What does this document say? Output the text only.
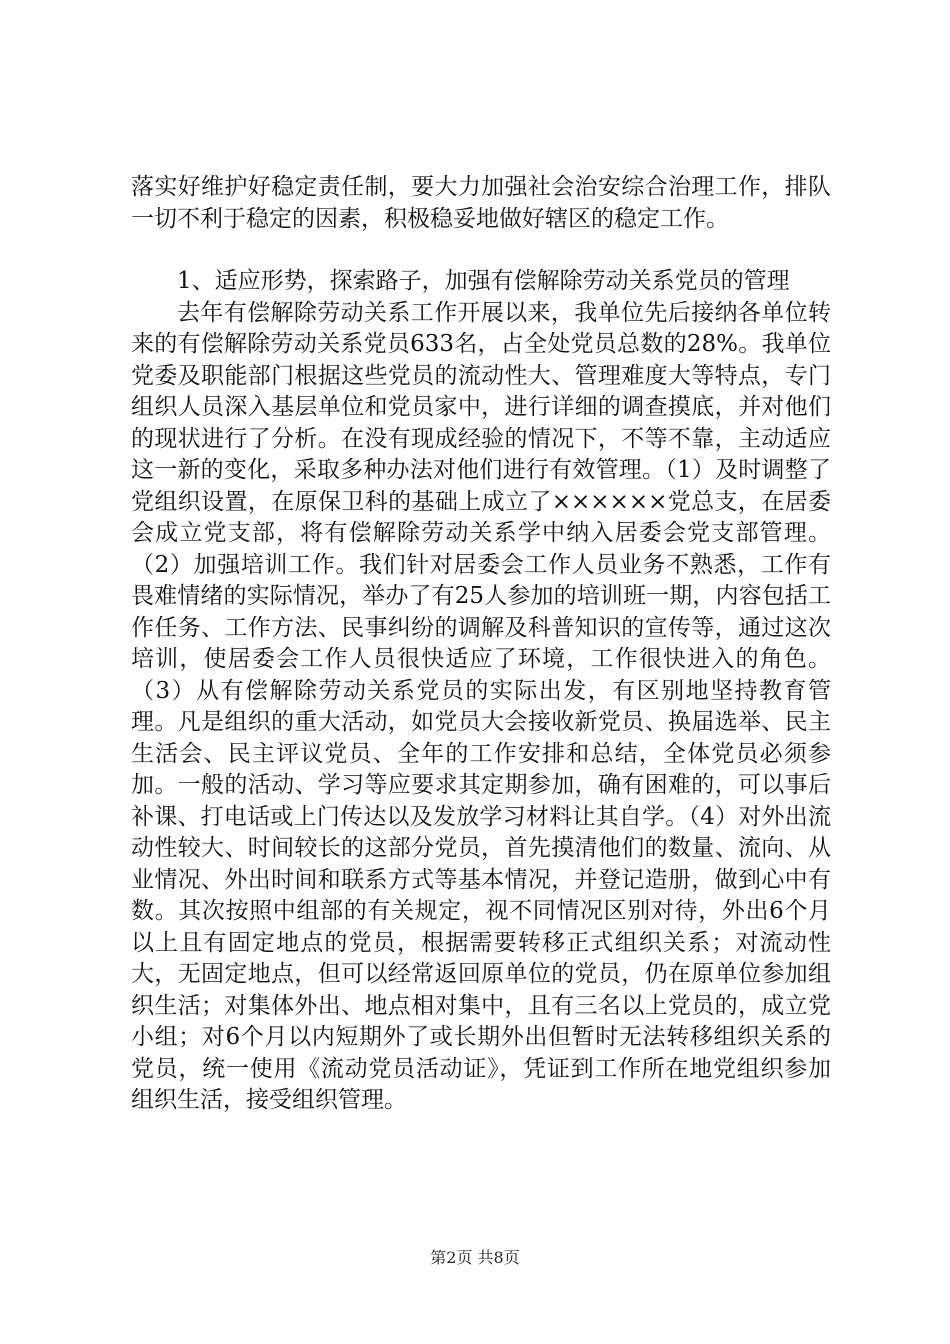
落实好维护好稳定责任制，要大力加强社会治安综合治理工作，排队一切不利于稳定的因素，积极稳妥地做好辖区的稳定工作。

1、适应形势，探索路子，加强有偿解除劳动关系党员的管理

去年有偿解除劳动关系工作开展以来，我单位先后接纳各单位转来的有偿解除劳动关系党员633名，占全处党员总数的28%。我单位党委及职能部门根据这些党员的流动性大、管理难度大等特点，专门组织人员深入基层单位和党员家中，进行详细的调查摸底，并对他们的现状进行了分析。在没有现成经验的情况下，不等不靠，主动适应这一新的变化，采取多种办法对他们进行有效管理。（1）及时调整了党组织设置，在原保卫科的基础上成立了××××××党总支，在居委会成立党支部，将有偿解除劳动关系学中纳入居委会党支部管理。（2）加强培训工作。我们针对居委会工作人员业务不熟悉，工作有畏难情绪的实际情况，举办了有25人参加的培训班一期，内容包括工作任务、工作方法、民事纠纷的调解及科普知识的宣传等，通过这次培训，使居委会工作人员很快适应了环境，工作很快进入的角色。（3）从有偿解除劳动关系党员的实际出发，有区别地坚持教育管理。凡是组织的重大活动，如党员大会接收新党员、换届选举、民主生活会、民主评议党员、全年的工作安排和总结，全体党员必须参加。一般的活动、学习等应要求其定期参加，确有困难的，可以事后补课、打电话或上门传达以及发放学习材料让其自学。（4）对外出流动性较大、时间较长的这部分党员，首先摸清他们的数量、流向、从业情况、外出时间和联系方式等基本情况，并登记造册，做到心中有数。其次按照中组部的有关规定，视不同情况区别对待，外出6个月以上且有固定地点的党员，根据需要转移正式组织关系；对流动性大，无固定地点，但可以经常返回原单位的党员，仍在原单位参加组织生活；对集体外出、地点相对集中，且有三名以上党员的，成立党小组；对6个月以内短期外了或长期外出但暂时无法转移组织关系的党员，统一使用《流动党员活动证》，凭证到工作所在地党组织参加组织生活，接受组织管理。

第2页 共8页
